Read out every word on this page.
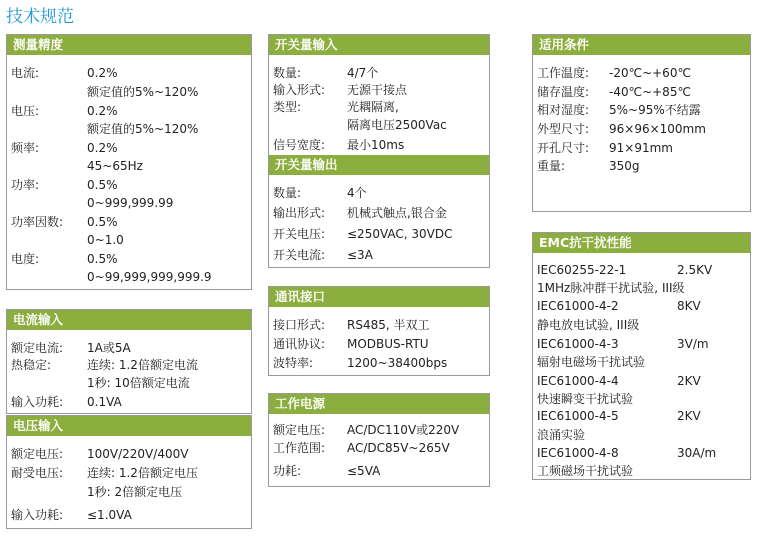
技术规范
测量精度
电流:	0.2%
额定值的5%~120%
电压:	0.2%
额定值的5%~120%
频率:	0.2%
45~65Hz
功率:	0.5%
0~999,999.99
功率因数: 0.5%
0~1.0
电度:	0.5%
0~99,999,999,999.9
电流输入
额定电流: 1A或5A
热稳定:	连续: 1.2倍额定电流
1秒: 10倍额定电流
输入功耗: 0.1VA
电压输入
额定电压: 100V/220V/400V
耐受电压: 连续: 1.2倍额定电压
1秒: 2倍额定电压
输入功耗: ≤1.0VA
开关量输入
数量:	4/7个
输入形式: 无源干接点
类型:	光耦隔离,
隔离电压2500Vac
信号宽度: 最小10ms
开关量输出
数量:	4个
输出形式: 机械式触点,银合金
开关电压: ≤250VAC, 30VDC
开关电流: ≤3A
通讯接口
接口形式: RS485, 半双工
通讯协议: MODBUS-RTU
波特率:	1200~38400bps
工作电源
额定电压: AC/DC110V或220V
工作范围: AC/DC85V~265V
功耗:	≤5VA
适用条件
工作温度: -20℃~+60℃
储存温度: -40℃~+85℃
相对湿度: 5%~95%不结露
外型尺寸: 96×96×100mm
开孔尺寸: 91×91mm
重量:	350g
EMC抗干扰性能
IEC60255-22-1	2.5KV
1MHz脉冲群干扰试验, III级
IEC61000-4-2	8KV
静电放电试验, III级
IEC61000-4-3	3V/m
辐射电磁场干扰试验
IEC61000-4-4	2KV
快速瞬变干扰试验
IEC61000-4-5	2KV
浪涌实验
IEC61000-4-8	30A/m
工频磁场干扰试验
